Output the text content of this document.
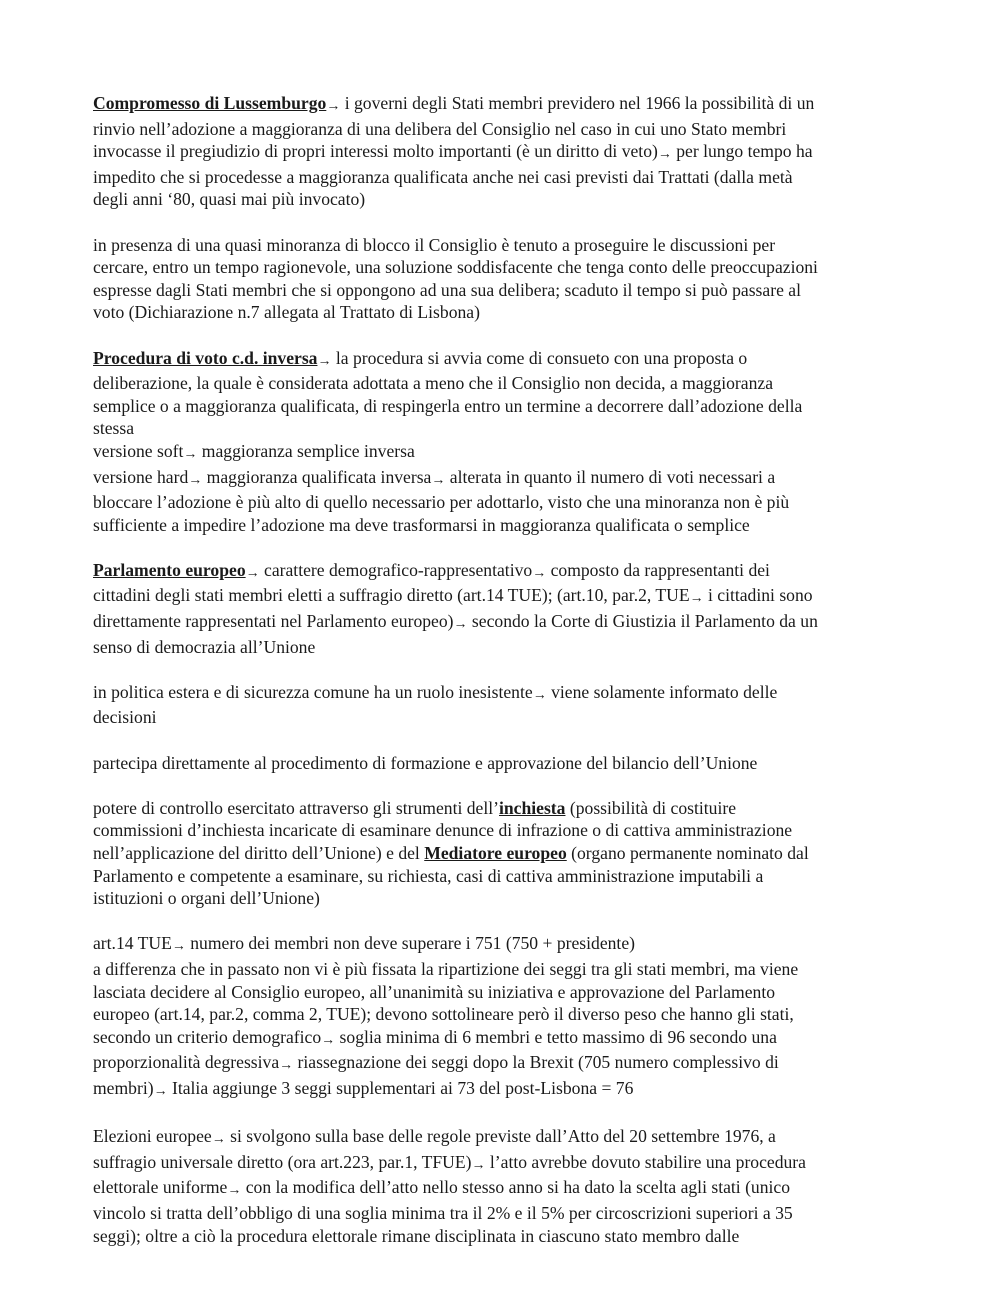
Compromesso di Lussemburgo→ i governi degli Stati membri previdero nel 1966 la possibilità di un
rinvio nell’adozione a maggioranza di una delibera del Consiglio nel caso in cui uno Stato membri
invocasse il pregiudizio di propri interessi molto importanti (è un diritto di veto)→ per lungo tempo ha
impedito che si procedesse a maggioranza qualificata anche nei casi previsti dai Trattati (dalla metà
degli anni ‘80, quasi mai più invocato)
in presenza di una quasi minoranza di blocco il Consiglio è tenuto a proseguire le discussioni per
cercare, entro un tempo ragionevole, una soluzione soddisfacente che tenga conto delle preoccupazioni
espresse dagli Stati membri che si oppongono ad una sua delibera; scaduto il tempo si può passare al
voto (Dichiarazione n.7 allegata al Trattato di Lisbona)
Procedura di voto c.d. inversa→ la procedura si avvia come di consueto con una proposta o
deliberazione, la quale è considerata adottata a meno che il Consiglio non decida, a maggioranza
semplice o a maggioranza qualificata, di respingerla entro un termine a decorrere dall’adozione della
stessa
versione soft→ maggioranza semplice inversa
versione hard→ maggioranza qualificata inversa→ alterata in quanto il numero di voti necessari a
bloccare l’adozione è più alto di quello necessario per adottarlo, visto che una minoranza non è più
sufficiente a impedire l’adozione ma deve trasformarsi in maggioranza qualificata o semplice
Parlamento europeo→ carattere demografico-rappresentativo→ composto da rappresentanti dei
cittadini degli stati membri eletti a suffragio diretto (art.14 TUE); (art.10, par.2, TUE→ i cittadini sono
direttamente rappresentati nel Parlamento europeo)→ secondo la Corte di Giustizia il Parlamento da un
senso di democrazia all’Unione
in politica estera e di sicurezza comune ha un ruolo inesistente→ viene solamente informato delle
decisioni
partecipa direttamente al procedimento di formazione e approvazione del bilancio dell’Unione
potere di controllo esercitato attraverso gli strumenti dell’inchiesta (possibilità di costituire
commissioni d’inchiesta incaricate di esaminare denunce di infrazione o di cattiva amministrazione
nell’applicazione del diritto dell’Unione) e del Mediatore europeo (organo permanente nominato dal
Parlamento e competente a esaminare, su richiesta, casi di cattiva amministrazione imputabili a
istituzioni o organi dell’Unione)
art.14 TUE→ numero dei membri non deve superare i 751 (750 + presidente)
a differenza che in passato non vi è più fissata la ripartizione dei seggi tra gli stati membri, ma viene
lasciata decidere al Consiglio europeo, all’unanimità su iniziativa e approvazione del Parlamento
europeo (art.14, par.2, comma 2, TUE); devono sottolineare però il diverso peso che hanno gli stati,
secondo un criterio demografico→ soglia minima di 6 membri e tetto massimo di 96 secondo una
proporzionalità degressiva→ riassegnazione dei seggi dopo la Brexit (705 numero complessivo di
membri)→ Italia aggiunge 3 seggi supplementari ai 73 del post-Lisbona = 76
Elezioni europee→ si svolgono sulla base delle regole previste dall’Atto del 20 settembre 1976, a
suffragio universale diretto (ora art.223, par.1, TFUE)→ l’atto avrebbe dovuto stabilire una procedura
elettorale uniforme→ con la modifica dell’atto nello stesso anno si ha dato la scelta agli stati (unico
vincolo si tratta dell’obbligo di una soglia minima tra il 2% e il 5% per circoscrizioni superiori a 35
seggi); oltre a ciò la procedura elettorale rimane disciplinata in ciascuno stato membro dalle
